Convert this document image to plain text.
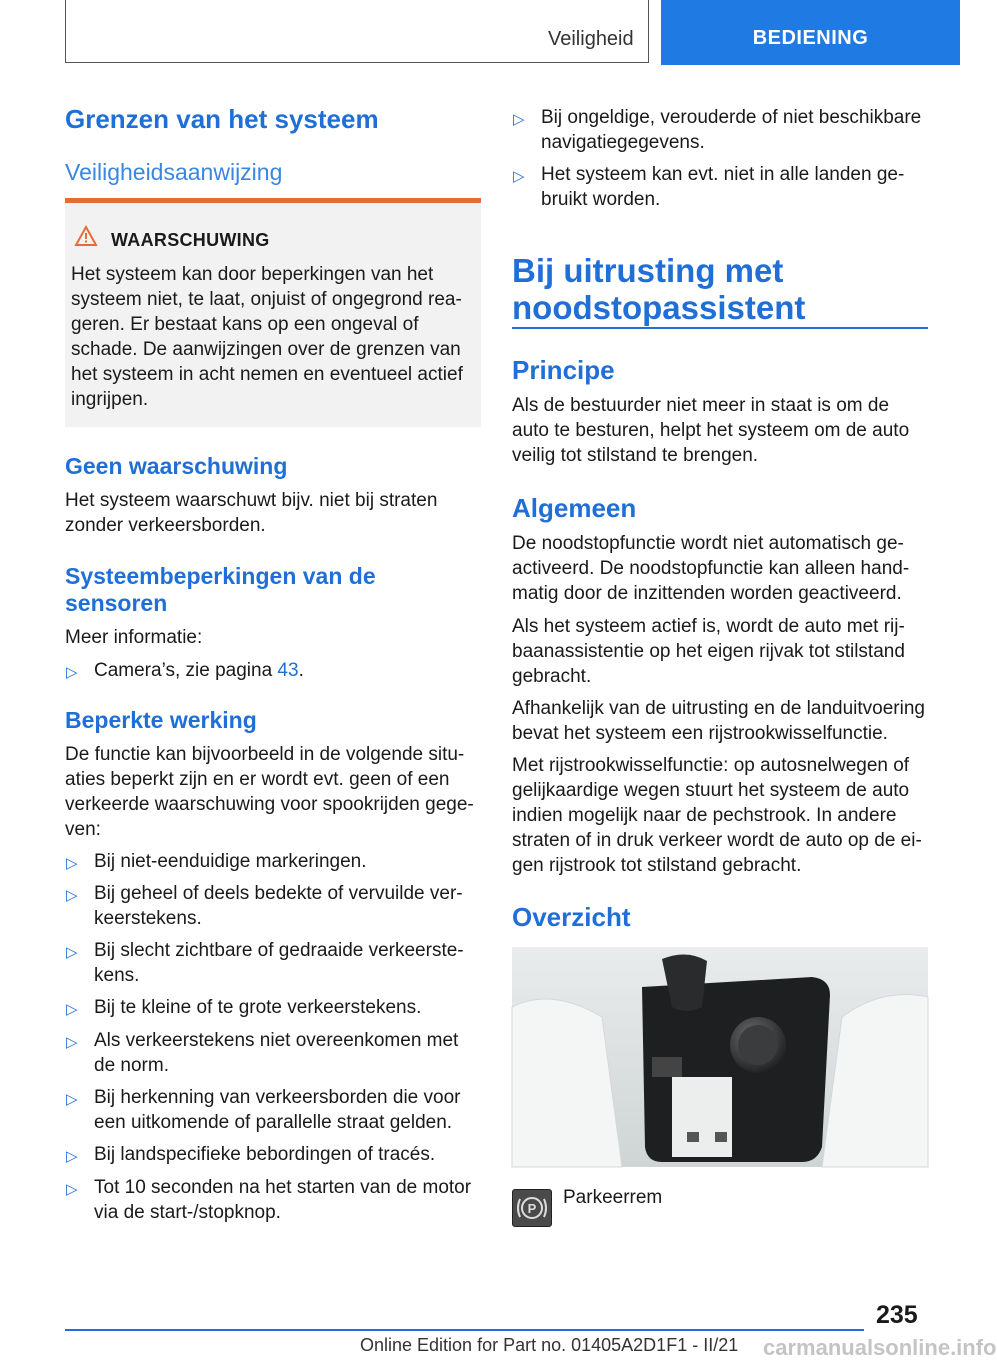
Veiligheid	BEDIENING
Grenzen van het systeem
Veiligheidsaanwijzing
WAARSCHUWING
Het systeem kan door beperkingen van het
systeem niet, te laat, onjuist of ongegrond rea-
geren. Er bestaat kans op een ongeval of
schade. De aanwijzingen over de grenzen van
het systeem in acht nemen en eventueel actief
ingrijpen.
Geen waarschuwing
Het systeem waarschuwt bijv. niet bij straten
zonder verkeersborden.
Systeembeperkingen van de
sensoren
Meer informatie:
▷ Camera’s, zie pagina 43.
Beperkte werking
De functie kan bijvoorbeeld in de volgende situ-
aties beperkt zijn en er wordt evt. geen of een
verkeerde waarschuwing voor spookrijden gege-
ven:
▷ Bij niet-eenduidige markeringen.
▷ Bij geheel of deels bedekte of vervuilde ver-
keerstekens.
▷ Bij slecht zichtbare of gedraaide verkeerste-
kens.
▷ Bij te kleine of te grote verkeerstekens.
▷ Als verkeerstekens niet overeenkomen met
de norm.
▷ Bij herkenning van verkeersborden die voor
een uitkomende of parallelle straat gelden.
▷ Bij landspecifieke bebordingen of tracés.
▷ Tot 10 seconden na het starten van de motor
via de start-/stopknop.
▷ Bij ongeldige, verouderde of niet beschikbare
navigatiegegevens.
▷ Het systeem kan evt. niet in alle landen ge-
bruikt worden.
Bij uitrusting met
noodstopassistent
Principe
Als de bestuurder niet meer in staat is om de
auto te besturen, helpt het systeem om de auto
veilig tot stilstand te brengen.
Algemeen
De noodstopfunctie wordt niet automatisch ge-
activeerd. De noodstopfunctie kan alleen hand-
matig door de inzittenden worden geactiveerd.
Als het systeem actief is, wordt de auto met rij-
baanassistentie op het eigen rijvak tot stilstand
gebracht.
Afhankelijk van de uitrusting en de landuitvoering
bevat het systeem een rijstrookwisselfunctie.
Met rijstrookwisselfunctie: op autosnelwegen of
gelijkaardige wegen stuurt het systeem de auto
indien mogelijk naar de pechstrook. In andere
straten of in druk verkeer wordt de auto op de ei-
gen rijstrook tot stilstand gebracht.
Overzicht
P
Parkeerrem
235
Online Edition for Part no. 01405A2D1F1 - II/21 carmanualsonline.info
